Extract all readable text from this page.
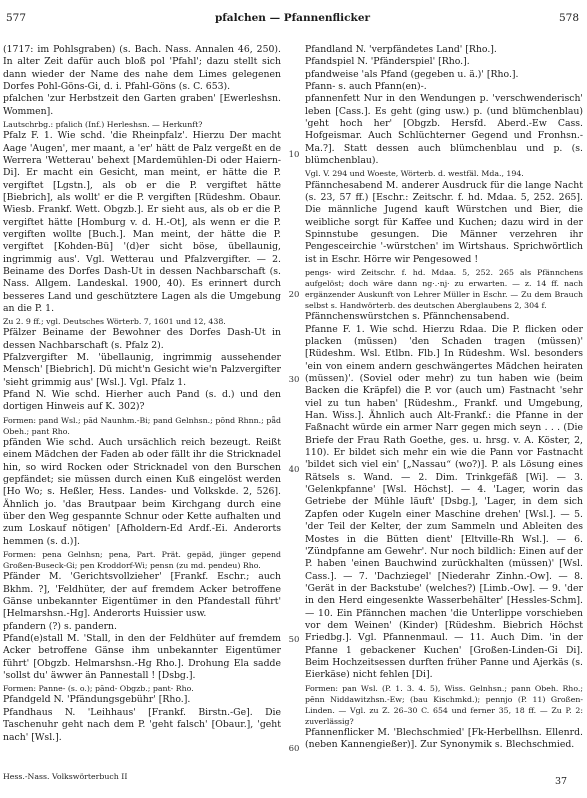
577	pfalchen — Pfannenflicker	578

(1717: im Pohlsgraben) (s. Bach. Nass. Annalen 46, 250). In alter Zeit dafür auch bloß pol 'Pfahl'; dazu stellt sich dann wieder der Name des nahe dem Limes gelegenen Dorfes Pohl-Göns-Gi, d. i. Pfahl-Göns (s. C. 653).

pfalchen 'zur Herbstzeit den Garten graben' [Ewerleshsn. Wommen].

Lautschrbg.: pfalich (Inf.) Herleshsn. — Herkunft?

Pfalz F. 1. Wie schd. 'die Rheinpfalz'. Hierzu Der macht Aage 'Augen', mer maant, a 'er' hätt de Palz vergeßt en de Werrera 'Wetterau' behext [Mardemühlen-Di oder Haiern-Di]. Er macht ein Gesicht, man meint, er hätte die P. vergiftet [Lgstn.], als ob er die P. vergiftet hätte [Biebrich], als wollt' er die P. vergiften [Rüdeshm. Obaur. Wiesb. Frankf. Wett. Obgzb.]. Er sieht aus, als ob er die P. vergiftet hätte [Homburg v. d. H.-Ot], als wenn er die P. vergiften wollte [Buch.]. Man meint, der hätte die P. vergiftet [Kohden-Bü] '(d)er sicht böse, übellaunig, ingrimmig aus'. Vgl. Wetterau und Pfalzvergifter. — 2. Beiname des Dorfes Dash-Ut in dessen Nachbarschaft (s. Nass. Allgem. Landeskal. 1900, 40). Es erinnert durch besseres Land und geschütztere Lagen als die Umgebung an die P. 1.

Zu 2. 9 ff.; vgl. Deutsches Wörterb. 7, 1601 und 12, 438.

Pfälzer Beiname der Bewohner des Dorfes Dash-Ut in dessen Nachbarschaft (s. Pfalz 2).

Pfalzvergifter M. 'übellaunig, ingrimmig aussehender Mensch' [Biebrich]. Dü micht'n Gesicht wie'n Palzvergifter 'sieht grimmig aus' [Wsl.]. Vgl. Pfalz 1.

Pfand N. Wie schd. Hierher auch Pand (s. d.) und den dortigen Hinweis auf K. 302)?

Formen: pand Wsl.; pād Naunhm.-Bi; pand Gelnhsn.; pōnd Rhnn.; pǟd Obeh.; pant Rho.

pfänden Wie schd. Auch ursächlich reich bezeugt. Reißt einem Mädchen der Faden ab oder fällt ihr die Stricknadel hin, so wird Rocken oder Stricknadel von den Burschen gepfändet; sie müssen durch einen Kuß eingelöst werden [Ho Wo; s. Heßler, Hess. Landes- und Volkskde. 2, 526]. Ähnlich jo. 'das Brautpaar beim Kirchgang durch eine über den Weg gespannte Schnur oder Kette aufhalten und zum Loskauf nötigen' [Afholdern-Ed Ardf.-Ei. Anderorts hemmen (s. d.)].

Formen: pena Gelnhsn; pena, Part. Prät. gepäd, jünger gepend Großen-Buseck-Gi; pen Kroddorf-Wi; pensn (zu md. pendeu) Rho.

Pfänder M. 'Gerichtsvollzieher' [Frankf. Eschr.; auch Bkhm. ?], 'Feldhüter, der auf fremdem Acker betroffene Gänse unbekannter Eigentümer in den Pfandestall führt' [Helmarshsn.-Hg]. Anderorts Huissier usw.

pfandern (?) s. pandern.

Pfand(e)stall M. 'Stall, in den der Feldhüter auf fremdem Acker betroffene Gänse ihm unbekannter Eigentümer führt' [Obgzb. Helmarshsn.-Hg Rho.]. Drohung Ela sadde 'sollst du' äwwer än Pannestall ! [Dsbg.].

Formen: Panne- (s. o.); pānd- Obgzb.; pant- Rho.

Pfandgeld N. 'Pfändungsgebühr' [Rho.].

Pfandhaus N. 'Leihhaus' [Frankf. Birstn.-Ge]. Die Taschenuhr geht nach dem P. 'geht falsch' [Obaur.], 'geht nach' [Wsl.].

10
20
30
40
50
60

Pfandland N. 'verpfändetes Land' [Rho.].

Pfandspiel N. 'Pfänderspiel' [Rho.].

pfandweise 'als Pfand (gegeben u. ä.)' [Rho.].

Pfann- s. auch Pfann(en)-.

pfannenfett Nur in den Wendungen p. 'verschwenderisch' leben [Cass.]. Es geht (ging usw.) p. (und blümchenblau) 'geht hoch her' [Obgzb. Hersfd. Aberd.-Ew Cass. Hofgeismar. Auch Schlüchterner Gegend und Fronhsn.-Ma.?]. Statt dessen auch blümchenblau und p. (s. blümchenblau).

Vgl. V. 294 und Woeste, Wörterb. d. westfäl. Mda., 194.

Pfännchesabend M. anderer Ausdruck für die lange Nacht (s. 23, 57 ff.) [Eschr.: Zeitschr. f. hd. Mdaa. 5, 252. 265]. Die männliche Jugend kauft Würstchen und Bier, die weibliche sorgt für Kaffee und Kuchen; dazu wird in der Spinnstube gesungen. Die Männer verzehren ihr Pengesceirchie '-würstchen' im Wirtshaus. Sprichwörtlich ist in Eschr. Hörre wir Pengesowed !

pengs- wird Zeitschr. f. hd. Mdaa. 5, 252. 265 als Pfännchens aufgelöst; doch wäre dann ng·.·nj· zu erwarten. — z. 14 ff. nach ergänzender Auskunft von Lehrer Müller in Eschr. — Zu dem Brauch selbst s. Handwörterb. des deutschen Aberglaubens 2, 304 f.

Pfännchenswürstchen s. Pfännchensabend.

Pfanne F. 1. Wie schd. Hierzu Rdaa. Die P. flicken oder placken (müssen) 'den Schaden tragen (müssen)' [Rüdeshm. Wsl. Etlbn. Flb.] In Rüdeshm. Wsl. besonders 'ein von einem andern geschwängertes Mädchen heiraten (müssen)'. (Soviel oder mehr) zu tun haben wie (beim Backen die Kräpfel) die P. vor (auch um) Fastnacht 'sehr viel zu tun haben' [Rüdeshm., Frankf. und Umgebung, Han. Wiss.]. Ähnlich auch Alt-Frankf.: die Pfanne in der Faßnacht würde ein armer Narr gegen mich seyn . . . (Die Briefe der Frau Rath Goethe, ges. u. hrsg. v. A. Köster, 2, 110). Er bildet sich mehr ein wie die Pann vor Fastnacht 'bildet sich viel ein' [„Nassau“ (wo?)]. P. als Lösung eines Rätsels s. Wand. — 2. Dim. Trinkgefäß [Wi]. — 3. 'Gelenkpfanne' [Wsl. Höchst]. — 4. 'Lager, worin das Getriebe der Mühle läuft' [Dsbg.], 'Lager, in dem sich Zapfen oder Kugeln einer Maschine drehen' [Wsl.]. — 5. 'der Teil der Kelter, der zum Sammeln und Ableiten des Mostes in die Bütten dient' [Eltville-Rh Wsl.]. — 6. 'Zündpfanne am Gewehr'. Nur noch bildlich: Einen auf der P. haben 'einen Bauchwind zurückhalten (müssen)' [Wsl. Cass.]. — 7. 'Dachziegel' [Niederahr Zinhn.-Ow]. — 8. 'Gerät in der Backstube' (welches?) [Limb.-Ow]. — 9. 'der in den Herd eingesenkte Wasserbehälter' [Hessles-Schm]. — 10. Ein Pfännchen machen 'die Unterlippe vorschieben vor dem Weinen' (Kinder) [Rüdeshm. Biebrich Höchst Friedbg.]. Vgl. Pfannenmaul. — 11. Auch Dim. 'in der Pfanne 1 gebackener Kuchen' [Großen-Linden-Gi Di]. Beim Hochzeitsessen durften früher Panne und Ajerkäs (s. Eierkäse) nicht fehlen [Di].

Formen: pan Wsl. (P. 1. 3. 4. 5), Wiss. Gelnhsn.; pann Obeh. Rho.; pēnn Niddawitzhsn.-Ew; (bau Kischmkd.); pennjo (P. 11) Großen-Linden. — Vgl. zu Z. 26–30 C. 654 und ferner 35, 18 ff. — Zu P. 2: zuverlässig?

Pfannenflicker M. 'Blechschmied' [Fk-Herbellhsn. Ellenrd. (neben Kannengießer)]. Zur Synonymik s. Blechschmied.

Hess.-Nass. Volkswörterbuch II	37
